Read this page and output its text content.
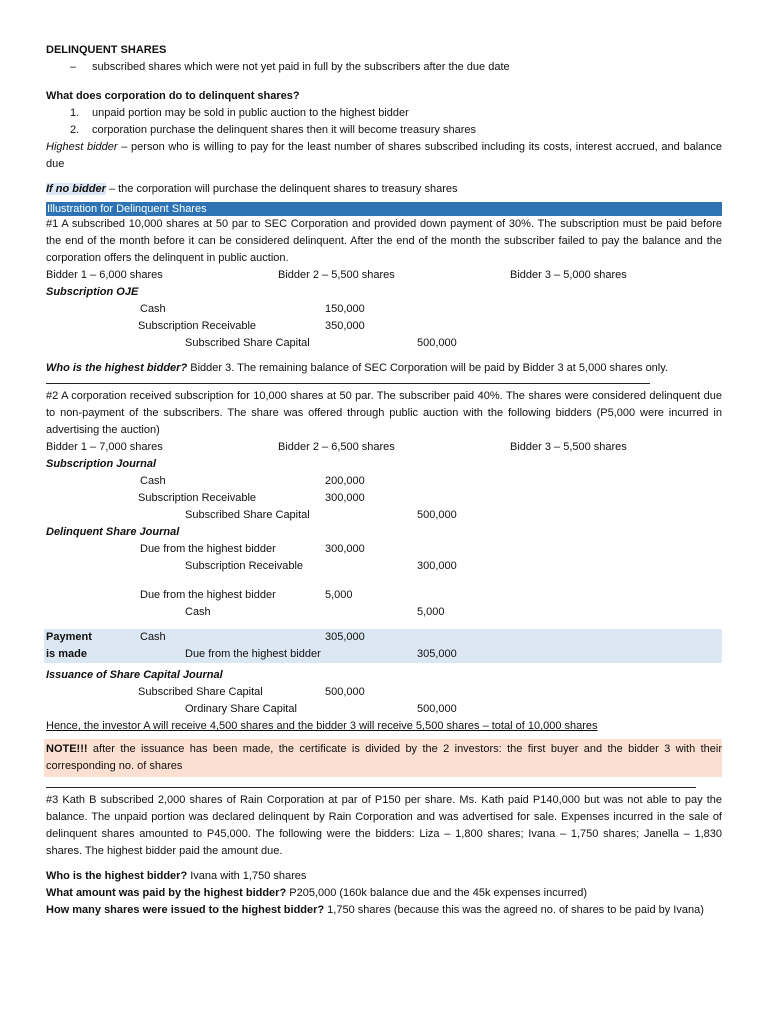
DELINQUENT SHARES
– subscribed shares which were not yet paid in full by the subscribers after the due date
What does corporation do to delinquent shares?
1. unpaid portion may be sold in public auction to the highest bidder
2. corporation purchase the delinquent shares then it will become treasury shares
Highest bidder – person who is willing to pay for the least number of shares subscribed including its costs, interest accrued, and balance due
If no bidder – the corporation will purchase the delinquent shares to treasury shares
Illustration for Delinquent Shares
#1 A subscribed 10,000 shares at 50 par to SEC Corporation and provided down payment of 30%. The subscription must be paid before the end of the month before it can be considered delinquent. After the end of the month the subscriber failed to pay the balance and the corporation offers the delinquent in public auction.
Bidder 1 – 6,000 shares	Bidder 2 – 5,500 shares	Bidder 3 – 5,000 shares
Subscription OJE
Cash	150,000
Subscription Receivable	350,000
Subscribed Share Capital	500,000
Who is the highest bidder? Bidder 3. The remaining balance of SEC Corporation will be paid by Bidder 3 at 5,000 shares only.
#2 A corporation received subscription for 10,000 shares at 50 par. The subscriber paid 40%. The shares were considered delinquent due to non-payment of the subscribers. The share was offered through public auction with the following bidders (P5,000 were incurred in advertising the auction)
Bidder 1 – 7,000 shares	Bidder 2 – 6,500 shares	Bidder 3 – 5,500 shares
Subscription Journal
Cash	200,000
Subscription Receivable	300,000
Subscribed Share Capital	500,000
Delinquent Share Journal
Due from the highest bidder	300,000
Subscription Receivable	300,000
Due from the highest bidder	5,000
Cash	5,000
Payment	Cash	305,000
is made	Due from the highest bidder	305,000
Issuance of Share Capital Journal
Subscribed Share Capital	500,000
Ordinary Share Capital	500,000
Hence, the investor A will receive 4,500 shares and the bidder 3 will receive 5,500 shares – total of 10,000 shares
NOTE!!! after the issuance has been made, the certificate is divided by the 2 investors: the first buyer and the bidder 3 with their corresponding no. of shares
#3 Kath B subscribed 2,000 shares of Rain Corporation at par of P150 per share. Ms. Kath paid P140,000 but was not able to pay the balance. The unpaid portion was declared delinquent by Rain Corporation and was advertised for sale. Expenses incurred in the sale of delinquent shares amounted to P45,000. The following were the bidders: Liza – 1,800 shares; Ivana – 1,750 shares; Janella – 1,830 shares. The highest bidder paid the amount due.
Who is the highest bidder? Ivana with 1,750 shares
What amount was paid by the highest bidder? P205,000 (160k balance due and the 45k expenses incurred)
How many shares were issued to the highest bidder? 1,750 shares (because this was the agreed no. of shares to be paid by Ivana)
